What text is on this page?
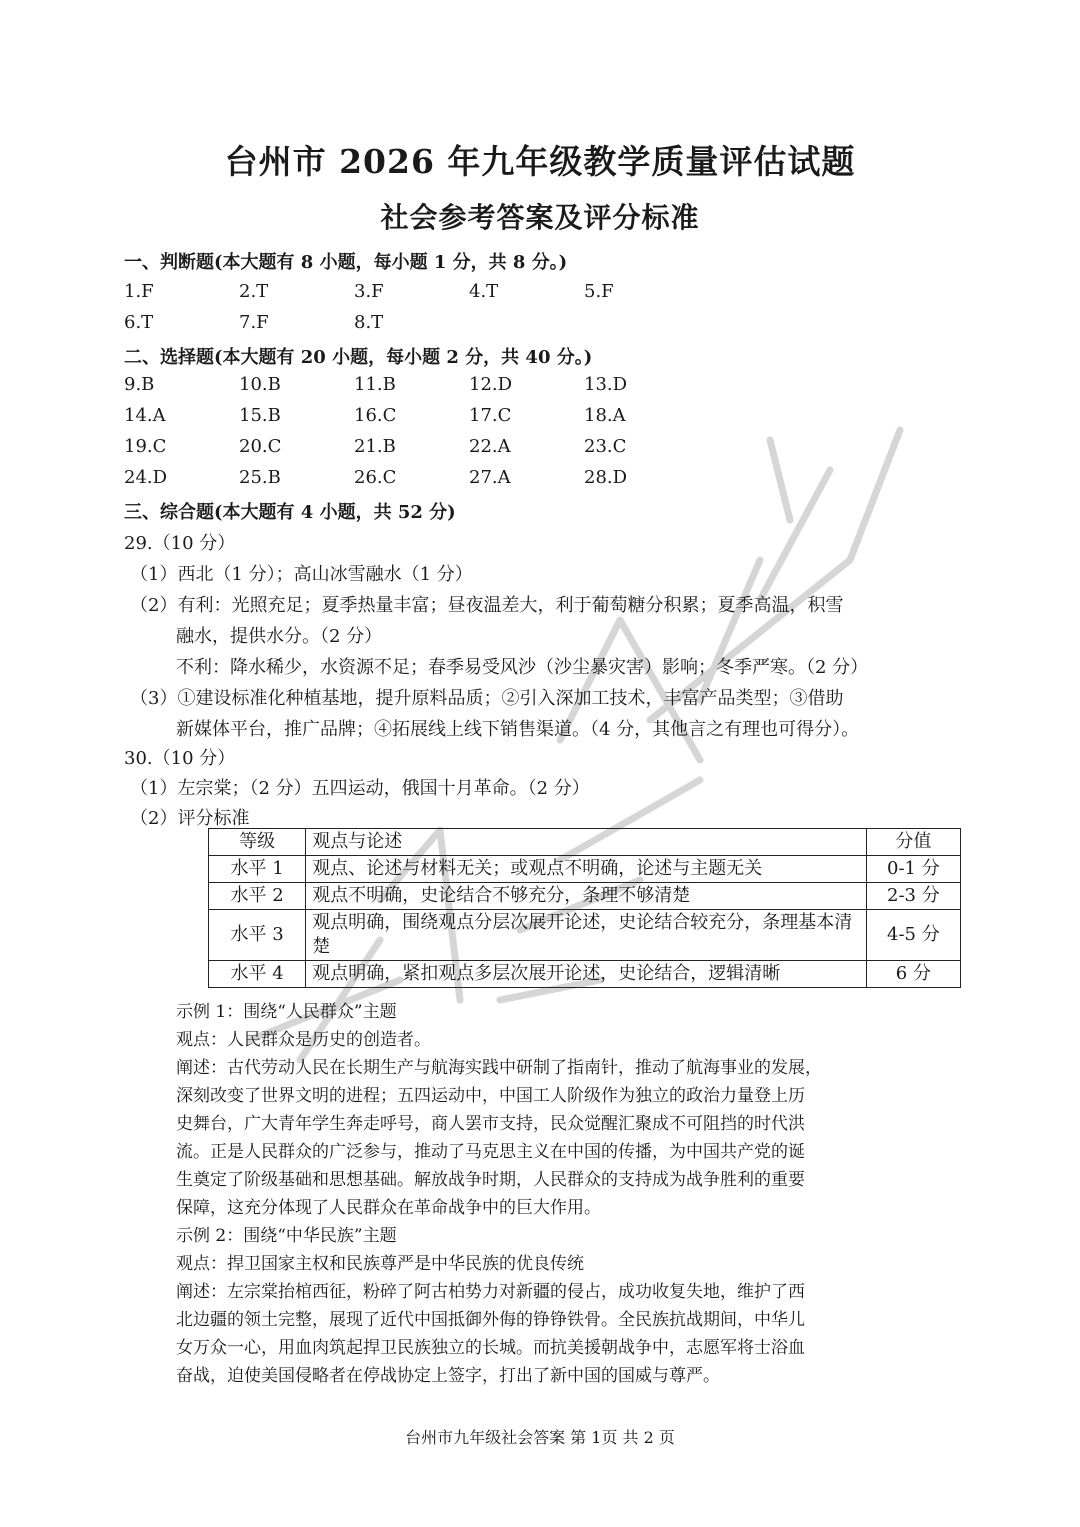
台州市 2026 年九年级教学质量评估试题
社会参考答案及评分标准
一、判断题(本大题有 8 小题，每小题 1 分，共 8 分。)
1.F	2.T	3.F	4.T	5.F
6.T	7.F	8.T
二、选择题(本大题有 20 小题，每小题 2 分，共 40 分。)
9.B	10.B	11.B	12.D	13.D
14.A	15.B	16.C	17.C	18.A
19.C	20.C	21.B	22.A	23.C
24.D	25.B	26.C	27.A	28.D
三、综合题(本大题有 4 小题，共 52 分)
29.（10 分）
（1）西北（1 分）；高山冰雪融水（1 分）
（2）有利：光照充足；夏季热量丰富；昼夜温差大，利于葡萄糖分积累；夏季高温，积雪
融水，提供水分。（2 分）
不利：降水稀少，水资源不足；春季易受风沙（沙尘暴灾害）影响；冬季严寒。（2 分）
（3）①建设标准化种植基地，提升原料品质；②引入深加工技术，丰富产品类型；③借助
新媒体平台，推广品牌；④拓展线上线下销售渠道。（4 分，其他言之有理也可得分）。
30.（10 分）
（1）左宗棠；（2 分）五四运动，俄国十月革命。（2 分）
（2）评分标准
等级	观点与论述	分值
水平 1	观点、论述与材料无关；或观点不明确，论述与主题无关	0-1 分
水平 2	观点不明确，史论结合不够充分，条理不够清楚	2-3 分
水平 3	观点明确，围绕观点分层次展开论述，史论结合较充分，条理基本清楚	4-5 分
水平 4	观点明确，紧扣观点多层次展开论述，史论结合，逻辑清晰	6 分
示例 1：围绕“人民群众”主题
观点：人民群众是历史的创造者。
阐述：古代劳动人民在长期生产与航海实践中研制了指南针，推动了航海事业的发展，
深刻改变了世界文明的进程；五四运动中，中国工人阶级作为独立的政治力量登上历
史舞台，广大青年学生奔走呼号，商人罢市支持，民众觉醒汇聚成不可阻挡的时代洪
流。正是人民群众的广泛参与，推动了马克思主义在中国的传播，为中国共产党的诞
生奠定了阶级基础和思想基础。解放战争时期，人民群众的支持成为战争胜利的重要
保障，这充分体现了人民群众在革命战争中的巨大作用。
示例 2：围绕“中华民族”主题
观点：捍卫国家主权和民族尊严是中华民族的优良传统
阐述：左宗棠抬棺西征，粉碎了阿古柏势力对新疆的侵占，成功收复失地，维护了西
北边疆的领土完整，展现了近代中国抵御外侮的铮铮铁骨。全民族抗战期间，中华儿
女万众一心，用血肉筑起捍卫民族独立的长城。而抗美援朝战争中，志愿军将士浴血
奋战，迫使美国侵略者在停战协定上签字，打出了新中国的国威与尊严。
台州市九年级社会答案 第 1页 共 2 页
